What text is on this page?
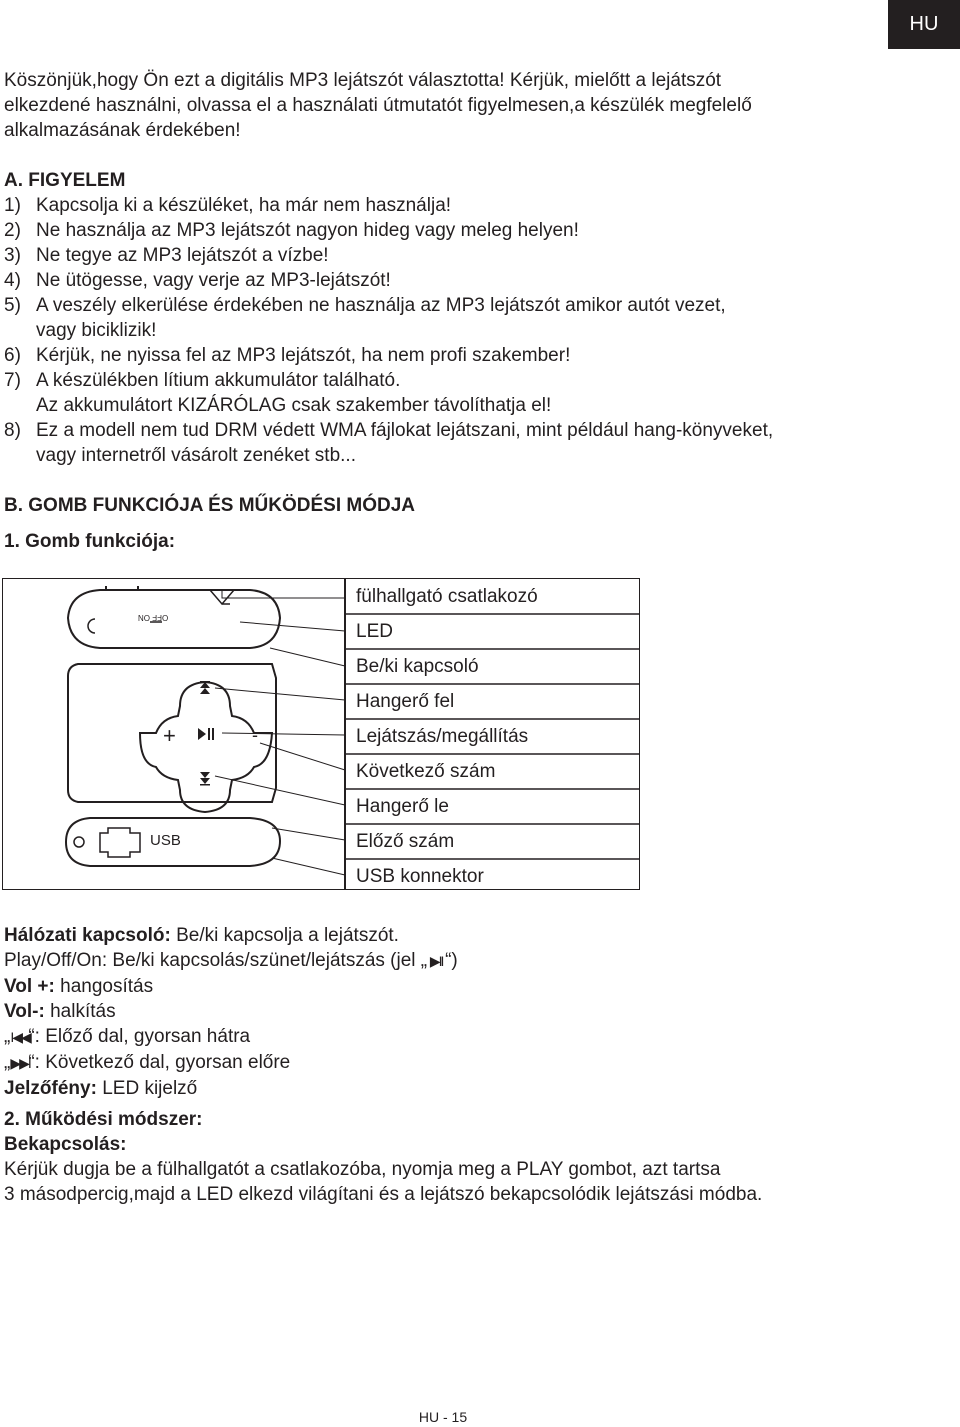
HU

Köszönjük,hogy Ön ezt a digitális MP3 lejátszót választotta! Kérjük, mielőtt a lejátszót

elkezdené használni, olvassa el a használati útmutatót figyelmesen,a készülék megfelelő

alkalmazásának érdekében!

A. FIGYELEM

1) Kapcsolja ki a készüléket, ha már nem használja!
2) Ne használja az MP3 lejátszót nagyon hideg vagy meleg helyen!
3) Ne tegye az MP3 lejátszót a vízbe!
4) Ne ütögesse, vagy verje az MP3-lejátszót!
5) A veszély elkerülése érdekében ne használja az MP3 lejátszót amikor autót vezet,
vagy biciklizik!
6) Kérjük, ne nyissa fel az MP3 lejátszót, ha nem profi szakember!
7) A készülékben lítium akkumulátor található.
Az akkumulátort KIZÁRÓLAG csak szakember távolíthatja el!
8) Ez a modell nem tud DRM védett WMA fájlokat lejátszani, mint például hang-könyveket,
vagy internetről vásárolt zenéket stb...
B. GOMB FUNKCIÓJA ÉS MŰKÖDÉSI MÓDJA
1. Gomb funkciója:
+	-
OFF ON
USB
fülhallgató csatlakozó
LED
Be/ki kapcsoló
Hangerő fel
Lejátszás/megállítás
Következő szám
Hangerő le
Előző szám
USB konnektor

Hálózati kapcsoló: Be/ki kapcsolja a lejátszót.

Play/Off/On: Be/ki kapcsolás/szünet/lejátszás (jel „ ▶II “)

Vol +: hangosítás

Vol-: halkítás

„I◀◀“: Előző dal, gyorsan hátra

„▶▶I“: Következő dal, gyorsan előre

Jelzőfény: LED kijelző

2. Működési módszer:

Bekapcsolás:

Kérjük dugja be a fülhallgatót a csatlakozóba, nyomja meg a PLAY gombot, azt tartsa

3 másodpercig,majd a LED elkezd világítani és a lejátszó bekapcsolódik lejátszási módba.

HU - 15
